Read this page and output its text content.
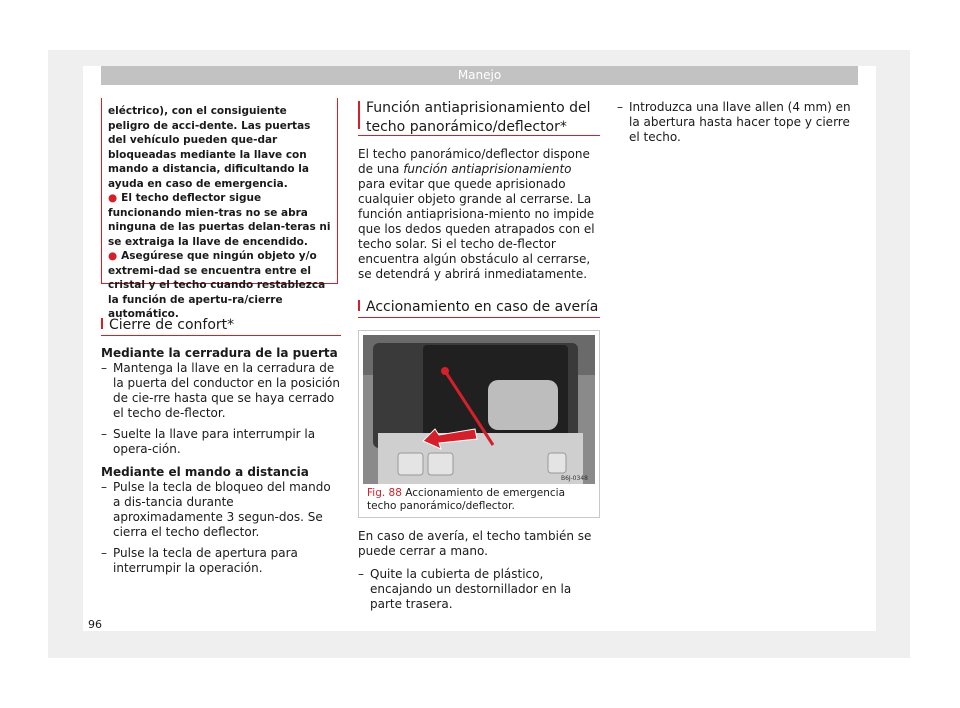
Manejo

eléctrico), con el consiguiente peligro de acci-dente. Las puertas del vehículo pueden que-dar bloqueadas mediante la llave con mando a distancia, dificultando la ayuda en caso de emergencia.

● El techo deflector sigue funcionando mien-tras no se abra ninguna de las puertas delan-teras ni se extraiga la llave de encendido.

● Asegúrese que ningún objeto y/o extremi-dad se encuentra entre el cristal y el techo cuando restablezca la función de apertu-ra/cierre automático.

Cierre de confort*

Mediante la cerradura de la puerta

– Mantenga la llave en la cerradura de la puerta del conductor en la posición de cie-rre hasta que se haya cerrado el techo de-flector.
– Suelte la llave para interrumpir la opera-ción.

Mediante el mando a distancia

– Pulse la tecla de bloqueo del mando a dis-tancia durante aproximadamente 3 segun-dos. Se cierra el techo deflector.
– Pulse la tecla de apertura para interrumpir la operación.
Función antiaprisionamiento del techo panorámico/deflector*

El techo panorámico/deflector dispone de una función antiaprisionamiento para evitar que quede aprisionado cualquier objeto grande al cerrarse. La función antiaprisiona-miento no impide que los dedos queden atrapados con el techo solar. Si el techo de-flector encuentra algún obstáculo al cerrarse, se detendrá y abrirá inmediatamente.

Accionamiento en caso de avería
B6J-0348
Fig. 88 Accionamiento de emergencia techo panorámico/deflector.

En caso de avería, el techo también se puede cerrar a mano.

– Quite la cubierta de plástico, encajando un destornillador en la parte trasera.
– Introduzca una llave allen (4 mm) en la abertura hasta hacer tope y cierre el techo.
96
